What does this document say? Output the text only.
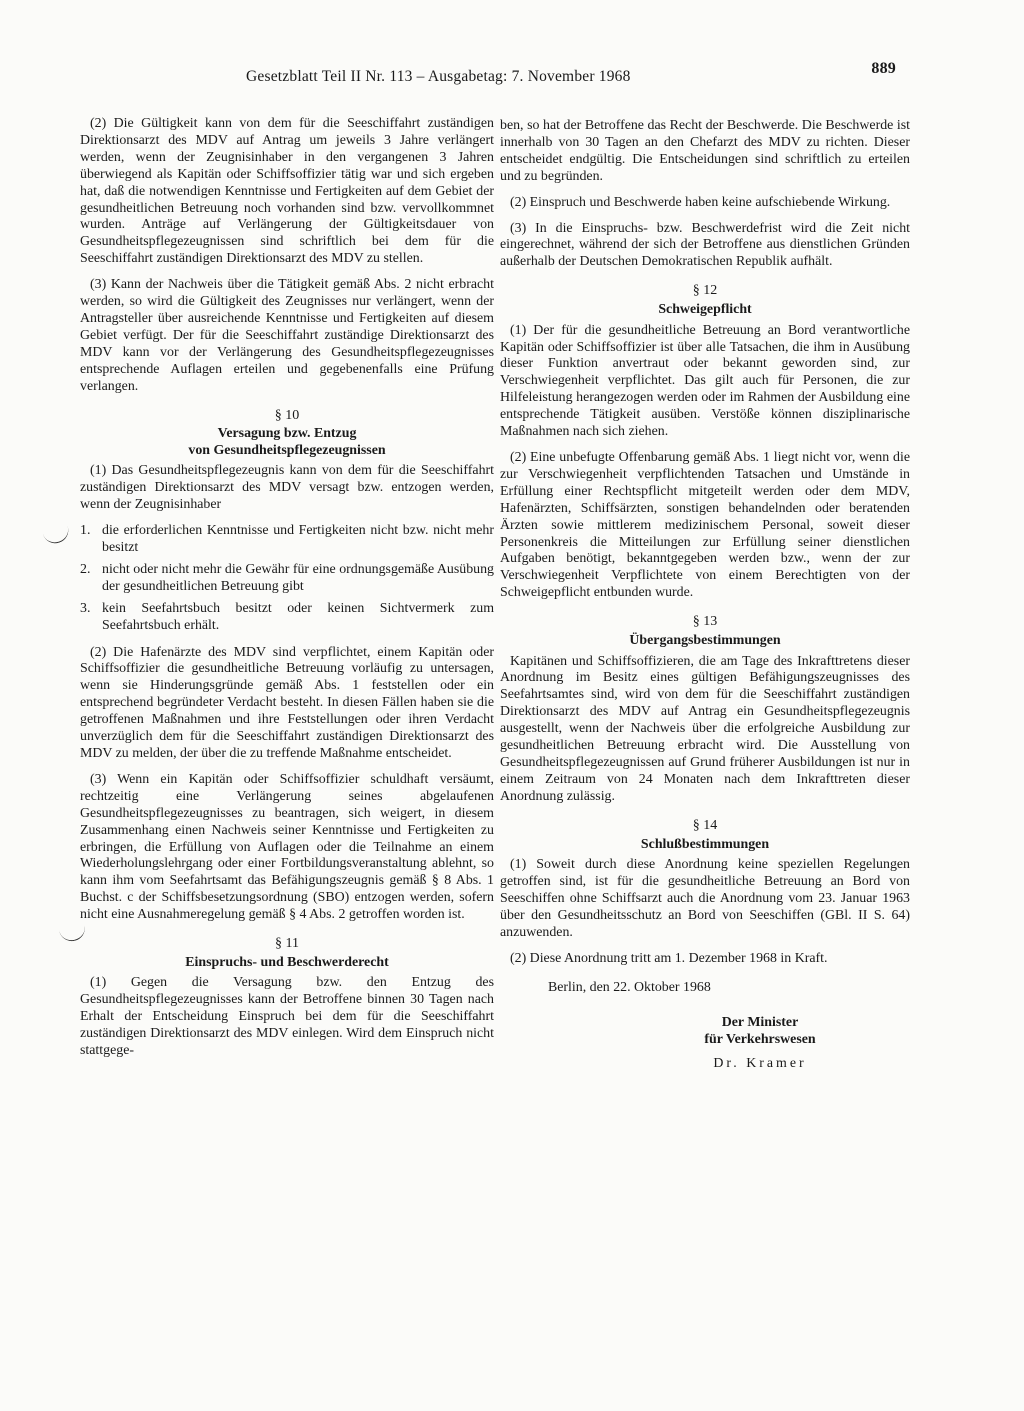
Gesetzblatt Teil II Nr. 113 – Ausgabetag: 7. November 1968	889

(2) Die Gültigkeit kann von dem für die Seeschiffahrt zuständigen Direktionsarzt des MDV auf Antrag um jeweils 3 Jahre verlängert werden, wenn der Zeugnisinhaber in den vergangenen 3 Jahren überwiegend als Kapitän oder Schiffsoffizier tätig war und sich ergeben hat, daß die notwendigen Kenntnisse und Fertigkeiten auf dem Gebiet der gesundheitlichen Betreuung noch vorhanden sind bzw. vervollkommnet wurden. Anträge auf Verlängerung der Gültigkeitsdauer von Gesundheitspflegezeugnissen sind schriftlich bei dem für die Seeschiffahrt zuständigen Direktionsarzt des MDV zu stellen.

(3) Kann der Nachweis über die Tätigkeit gemäß Abs. 2 nicht erbracht werden, so wird die Gültigkeit des Zeugnisses nur verlängert, wenn der Antragsteller über ausreichende Kenntnisse und Fertigkeiten auf diesem Gebiet verfügt. Der für die Seeschiffahrt zuständige Direktionsarzt des MDV kann vor der Verlängerung des Gesundheitspflegezeugnisses entsprechende Auflagen erteilen und gegebenenfalls eine Prüfung verlangen.

§ 10
Versagung bzw. Entzug
von Gesundheitspflegezeugnissen

(1) Das Gesundheitspflegezeugnis kann von dem für die Seeschiffahrt zuständigen Direktionsarzt des MDV versagt bzw. entzogen werden, wenn der Zeugnisinhaber

1. die erforderlichen Kenntnisse und Fertigkeiten nicht bzw. nicht mehr besitzt
2. nicht oder nicht mehr die Gewähr für eine ordnungsgemäße Ausübung der gesundheitlichen Betreuung gibt
3. kein Seefahrtsbuch besitzt oder keinen Sichtvermerk zum Seefahrtsbuch erhält.

(2) Die Hafenärzte des MDV sind verpflichtet, einem Kapitän oder Schiffsoffizier die gesundheitliche Betreuung vorläufig zu untersagen, wenn sie Hinderungsgründe gemäß Abs. 1 feststellen oder ein entsprechend begründeter Verdacht besteht. In diesen Fällen haben sie die getroffenen Maßnahmen und ihre Feststellungen oder ihren Verdacht unverzüglich dem für die Seeschiffahrt zuständigen Direktionsarzt des MDV zu melden, der über die zu treffende Maßnahme entscheidet.

(3) Wenn ein Kapitän oder Schiffsoffizier schuldhaft versäumt, rechtzeitig eine Verlängerung seines abgelaufenen Gesundheitspflegezeugnisses zu beantragen, sich weigert, in diesem Zusammenhang einen Nachweis seiner Kenntnisse und Fertigkeiten zu erbringen, die Erfüllung von Auflagen oder die Teilnahme an einem Wiederholungslehrgang oder einer Fortbildungsveranstaltung ablehnt, so kann ihm vom Seefahrtsamt das Befähigungszeugnis gemäß § 8 Abs. 1 Buchst. c der Schiffsbesetzungsordnung (SBO) entzogen werden, sofern nicht eine Ausnahmeregelung gemäß § 4 Abs. 2 getroffen worden ist.

§ 11
Einspruchs- und Beschwerderecht

(1) Gegen die Versagung bzw. den Entzug des Gesundheitspflegezeugnisses kann der Betroffene binnen 30 Tagen nach Erhalt der Entscheidung Einspruch bei dem für die Seeschiffahrt zuständigen Direktionsarzt des MDV einlegen. Wird dem Einspruch nicht stattgege-

ben, so hat der Betroffene das Recht der Beschwerde. Die Beschwerde ist innerhalb von 30 Tagen an den Chefarzt des MDV zu richten. Dieser entscheidet endgültig. Die Entscheidungen sind schriftlich zu erteilen und zu begründen.

(2) Einspruch und Beschwerde haben keine aufschiebende Wirkung.

(3) In die Einspruchs- bzw. Beschwerdefrist wird die Zeit nicht eingerechnet, während der sich der Betroffene aus dienstlichen Gründen außerhalb der Deutschen Demokratischen Republik aufhält.

§ 12
Schweigepflicht

(1) Der für die gesundheitliche Betreuung an Bord verantwortliche Kapitän oder Schiffsoffizier ist über alle Tatsachen, die ihm in Ausübung dieser Funktion anvertraut oder bekannt geworden sind, zur Verschwiegenheit verpflichtet. Das gilt auch für Personen, die zur Hilfeleistung herangezogen werden oder im Rahmen der Ausbildung eine entsprechende Tätigkeit ausüben. Verstöße können disziplinarische Maßnahmen nach sich ziehen.

(2) Eine unbefugte Offenbarung gemäß Abs. 1 liegt nicht vor, wenn die zur Verschwiegenheit verpflichtenden Tatsachen und Umstände in Erfüllung einer Rechtspflicht mitgeteilt werden oder dem MDV, Hafenärzten, Schiffsärzten, sonstigen behandelnden oder beratenden Ärzten sowie mittlerem medizinischem Personal, soweit dieser Personenkreis die Mitteilungen zur Erfüllung seiner dienstlichen Aufgaben benötigt, bekanntgegeben werden bzw., wenn der zur Verschwiegenheit Verpflichtete von einem Berechtigten von der Schweigepflicht entbunden wurde.

§ 13
Übergangsbestimmungen

Kapitänen und Schiffsoffizieren, die am Tage des Inkrafttretens dieser Anordnung im Besitz eines gültigen Befähigungszeugnisses des Seefahrtsamtes sind, wird von dem für die Seeschiffahrt zuständigen Direktionsarzt des MDV auf Antrag ein Gesundheitspflegezeugnis ausgestellt, wenn der Nachweis über die erfolgreiche Ausbildung zur gesundheitlichen Betreuung erbracht wird. Die Ausstellung von Gesundheitspflegezeugnissen auf Grund früherer Ausbildungen ist nur in einem Zeitraum von 24 Monaten nach dem Inkrafttreten dieser Anordnung zulässig.

§ 14
Schlußbestimmungen

(1) Soweit durch diese Anordnung keine speziellen Regelungen getroffen sind, ist für die gesundheitliche Betreuung an Bord von Seeschiffen ohne Schiffsarzt auch die Anordnung vom 23. Januar 1963 über den Gesundheitsschutz an Bord von Seeschiffen (GBl. II S. 64) anzuwenden.

(2) Diese Anordnung tritt am 1. Dezember 1968 in Kraft.

Berlin, den 22. Oktober 1968
Der Minister
für Verkehrswesen
Dr. Kramer
